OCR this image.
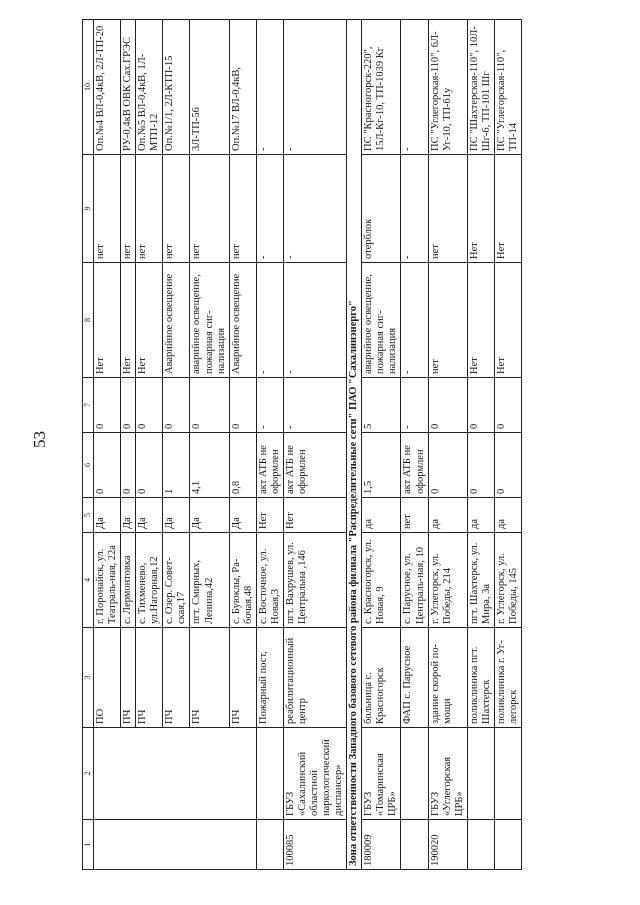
53
1	2	3	4	5	6	7	8	9	10
		ПО	г. Поронайск, ул. Театраль-ная, 22а	Да	0	0	Нет	нет	Оп.№4 ВЛ-0,4кВ, 2Л-ТП-20
		ПЧ	с. Лермонтовка	Да	0	0	Нет	нет	РУ-0,4кВ ОВК Сах.ГРЭС
		ПЧ	с. Тихменево, ул.Нагорная,12	Да	0	0	Нет	нет	Оп.№5 ВЛ-0,4кВ, 1Л-МТП-12
		ПЧ	с. Озер. Совет-ская,17	Да	1	0	Аварийное освещение	нет	Оп.№1/1, 2Л-КТП-15
		ПЧ	пгт. Смирных, Ленина,42	Да	4,1	0	аварийное освещение, пожарная сиг-нализация	нет	3Л-ТП-56
		ПЧ	с. Буюклы, Ра-бочая,48	Да	0,8	0	Аварийное освещение	нет	Оп.№17 ВЛ-0,4кВ,
		Пожарный пост,	с. Восточное, ул. Новая,3	Нет	акт АТБ не оформлен	-	-	-	-
100085	ГБУЗ «Сахалинский областной наркологический диспансер»	реабилитационный центр	пгт. Вахрушев, ул. Центральна ,146	Нет	акт АТБ не оформлен	-	-	-	-
Зона ответственности Западного базового сетевого района филиала "Распределительные сети" ПАО "Сахалинэнерго"									
180009	ГБУЗ «Томаринская ЦРБ»	больница с. Красногорск	с. Красногорск, ул. Новая, 9	да	1,5	5	аварийное освещение, пожарная сиг-нализация	отерблок	ПС "Красногорск-220", 15Л-Кг-10, ТП-1039 Кг
		ФАП с. Парусное	с. Парусное, ул. Централь-ная, 10	нет	акт АТБ не оформлен	-	-	-	-
190020	ГБУЗ «Углегорская ЦРБ»	здание скорой по-мощи	г. Углегорск, ул. Победы, 214	да	0	0	нет	нет	ПС "Углегорская-110", 6Л-Уг-10, ТП-61у
		поликлиника пгт. Шахтерск	пгт. Шахтерск, ул. Мира, 3а	да	0	0	Нет	Нет	ПС "Шахтерская-110", 10Л-Шг-6, ТП-101 Шг
		поликлиника г. Уг-легорск	г. Углегорск, ул. Победы, 145	да	0	0	Нет	Нет	ПС "Углегорская-110", ТП-14
